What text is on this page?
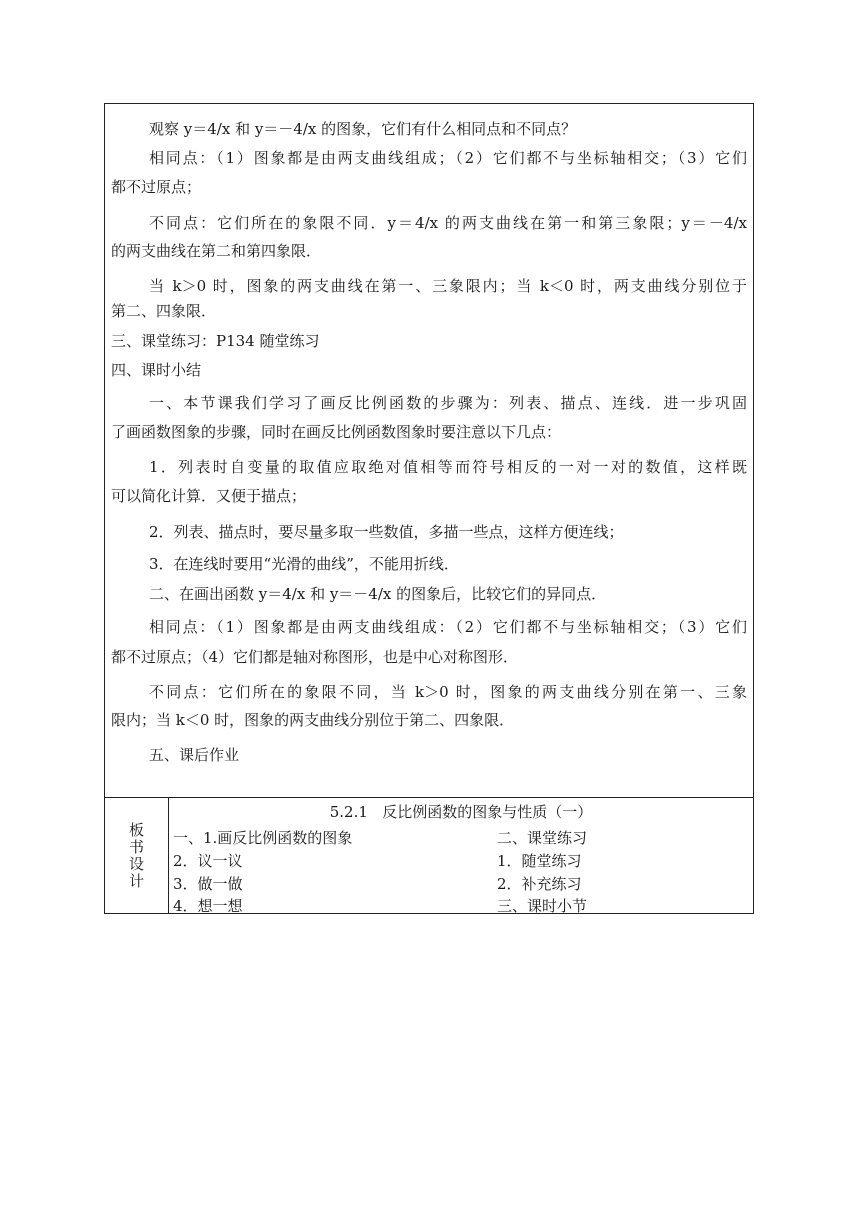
观察 y＝4/x 和 y＝－4/x 的图象，它们有什么相同点和不同点？
相同点：（1）图象都是由两支曲线组成；（2）它们都不与坐标轴相交；（3）它们
都不过原点；
不同点：它们所在的象限不同．y＝4/x 的两支曲线在第一和第三象限；y＝－4/x
的两支曲线在第二和第四象限．
当 k＞0 时，图象的两支曲线在第一、三象限内；当 k＜0 时，两支曲线分别位于
第二、四象限．
三、课堂练习：P134 随堂练习
四、课时小结
一、本节课我们学习了画反比例函数的步骤为：列表、描点、连线．进一步巩固
了画函数图象的步骤，同时在画反比例函数图象时要注意以下几点：
1．列表时自变量的取值应取绝对值相等而符号相反的一对一对的数值，这样既
可以简化计算．又便于描点；
2．列表、描点时，要尽量多取一些数值，多描一些点，这样方便连线；
3．在连线时要用“光滑的曲线”，不能用折线．
二、在画出函数 y＝4/x 和 y＝－4/x 的图象后，比较它们的异同点．
相同点：（1）图象都是由两支曲线组成：（2）它们都不与坐标轴相交；（3）它们
都不过原点；（4）它们都是轴对称图形，也是中心对称图形．
不同点：它们所在的象限不同，当 k＞0 时，图象的两支曲线分别在第一、三象
限内；当 k＜0 时，图象的两支曲线分别位于第二、四象限．
五、课后作业
板
书
设
计
5.2.1   反比例函数的图象与性质（一）
一、1.画反比例函数的图象
2．议一议
3．做一做
4．想一想
二、课堂练习
1．随堂练习
2．补充练习
三、课时小节
